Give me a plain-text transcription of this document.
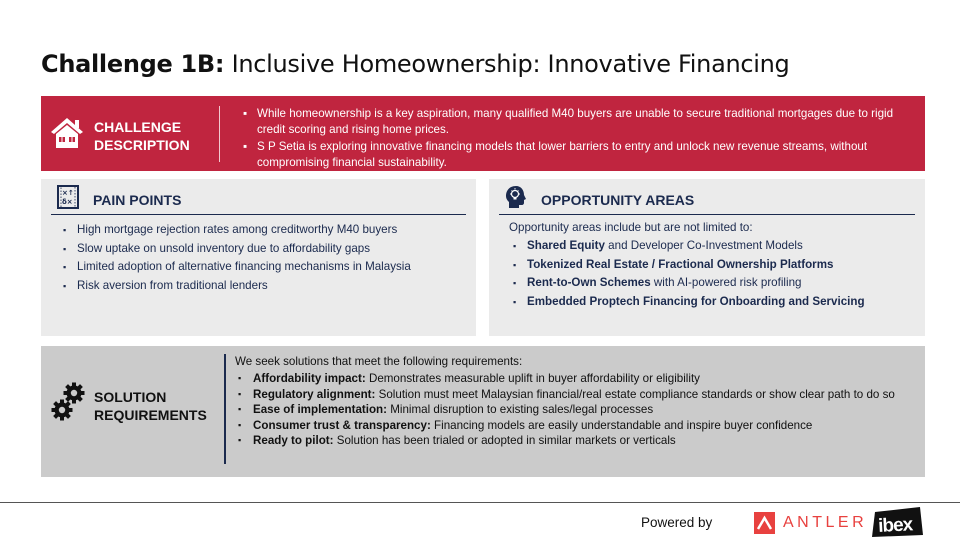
Challenge 1B: Inclusive Homeownership: Innovative Financing
CHALLENGE
DESCRIPTION
▪ While homeownership is a key aspiration, many qualified M40 buyers are unable to secure traditional mortgages due to rigid credit scoring and rising home prices.
▪ S P Setia is exploring innovative financing models that lower barriers to entry and unlock new revenue streams, without compromising financial sustainability.
×↑
δ× PAIN POINTS
▪ High mortgage rejection rates among creditworthy M40 buyers
▪ Slow uptake on unsold inventory due to affordability gaps
▪ Limited adoption of alternative financing mechanisms in Malaysia
▪ Risk aversion from traditional lenders
OPPORTUNITY AREAS
Opportunity areas include but are not limited to:
▪ Shared Equity and Developer Co-Investment Models
▪ Tokenized Real Estate / Fractional Ownership Platforms
▪ Rent-to-Own Schemes with AI-powered risk profiling
▪ Embedded Proptech Financing for Onboarding and Servicing
SOLUTION
REQUIREMENTS
We seek solutions that meet the following requirements:
▪ Affordability impact: Demonstrates measurable uplift in buyer affordability or eligibility
▪ Regulatory alignment: Solution must meet Malaysian financial/real estate compliance standards or show clear path to do so
▪ Ease of implementation: Minimal disruption to existing sales/legal processes
▪ Consumer trust & transparency: Financing models are easily understandable and inspire buyer confidence
▪ Ready to pilot: Solution has been trialed or adopted in similar markets or verticals
Powered by	ANTLER ibex
